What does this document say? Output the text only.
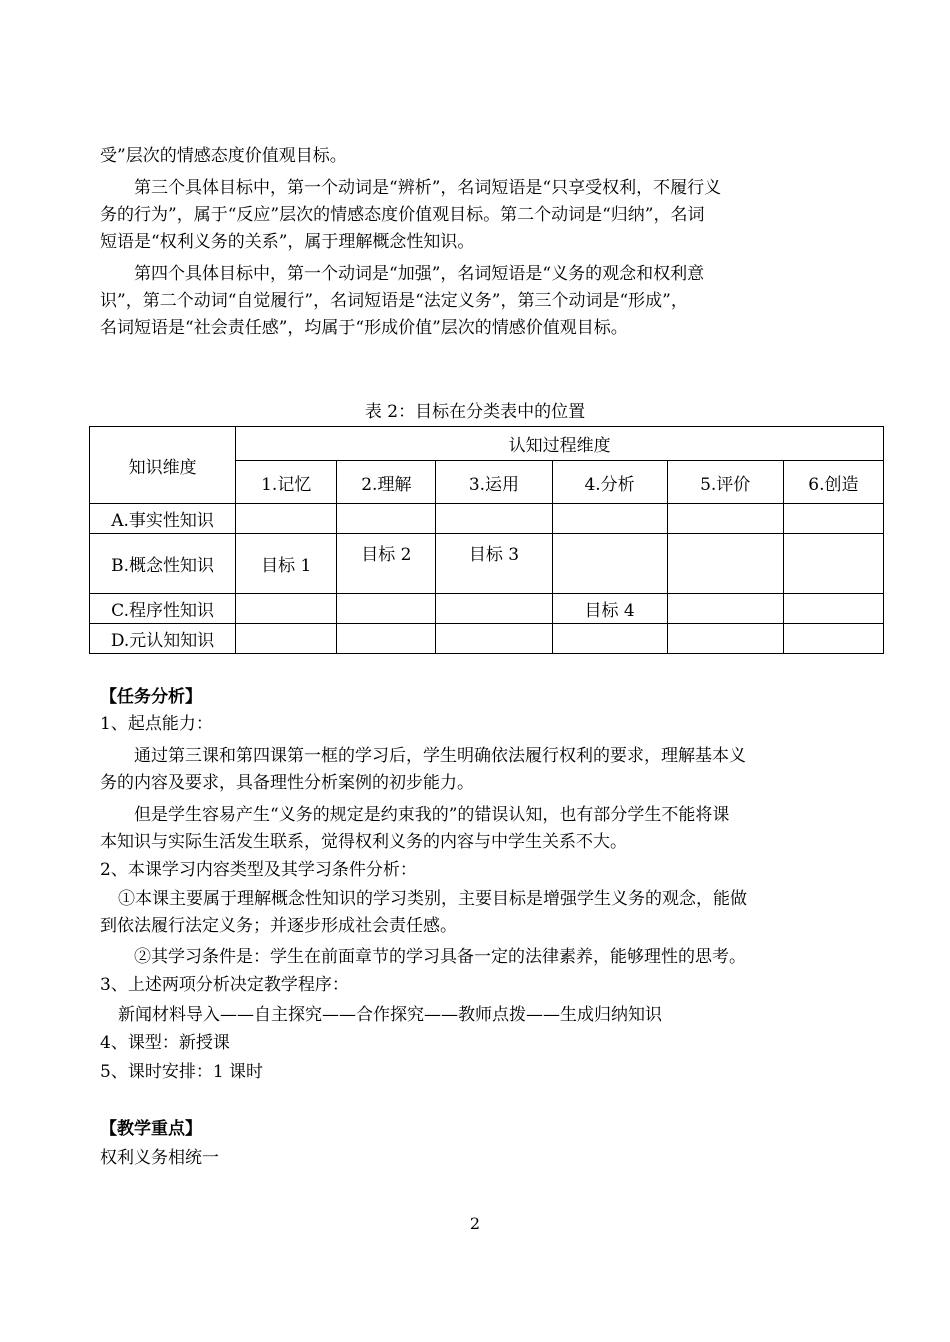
受”层次的情感态度价值观目标。
第三个具体目标中，第一个动词是“辨析”，名词短语是“只享受权利，不履行义
务的行为”，属于“反应”层次的情感态度价值观目标。第二个动词是“归纳”，名词
短语是“权利义务的关系”，属于理解概念性知识。
第四个具体目标中，第一个动词是“加强”，名词短语是“义务的观念和权利意
识”，第二个动词“自觉履行”，名词短语是“法定义务”，第三个动词是“形成”，
名词短语是“社会责任感”，均属于“形成价值”层次的情感价值观目标。
表 2：目标在分类表中的位置
知识维度	认知过程维度					
	1.记忆	2.理解	3.运用	4.分析	5.评价	6.创造
A.事实性知识						
B.概念性知识	目标 1	目标 2	目标 3			
C.程序性知识				目标 4		
D.元认知知识						
【任务分析】
1、起点能力：
通过第三课和第四课第一框的学习后，学生明确依法履行权利的要求，理解基本义
务的内容及要求，具备理性分析案例的初步能力。
但是学生容易产生“义务的规定是约束我的”的错误认知，也有部分学生不能将课
本知识与实际生活发生联系，觉得权利义务的内容与中学生关系不大。
2、本课学习内容类型及其学习条件分析：
①本课主要属于理解概念性知识的学习类别，主要目标是增强学生义务的观念，能做
到依法履行法定义务；并逐步形成社会责任感。
②其学习条件是：学生在前面章节的学习具备一定的法律素养，能够理性的思考。
3、上述两项分析决定教学程序：
新闻材料导入——自主探究——合作探究——教师点拨——生成归纳知识
4、课型：新授课
5、课时安排：1 课时
【教学重点】
权利义务相统一
2
